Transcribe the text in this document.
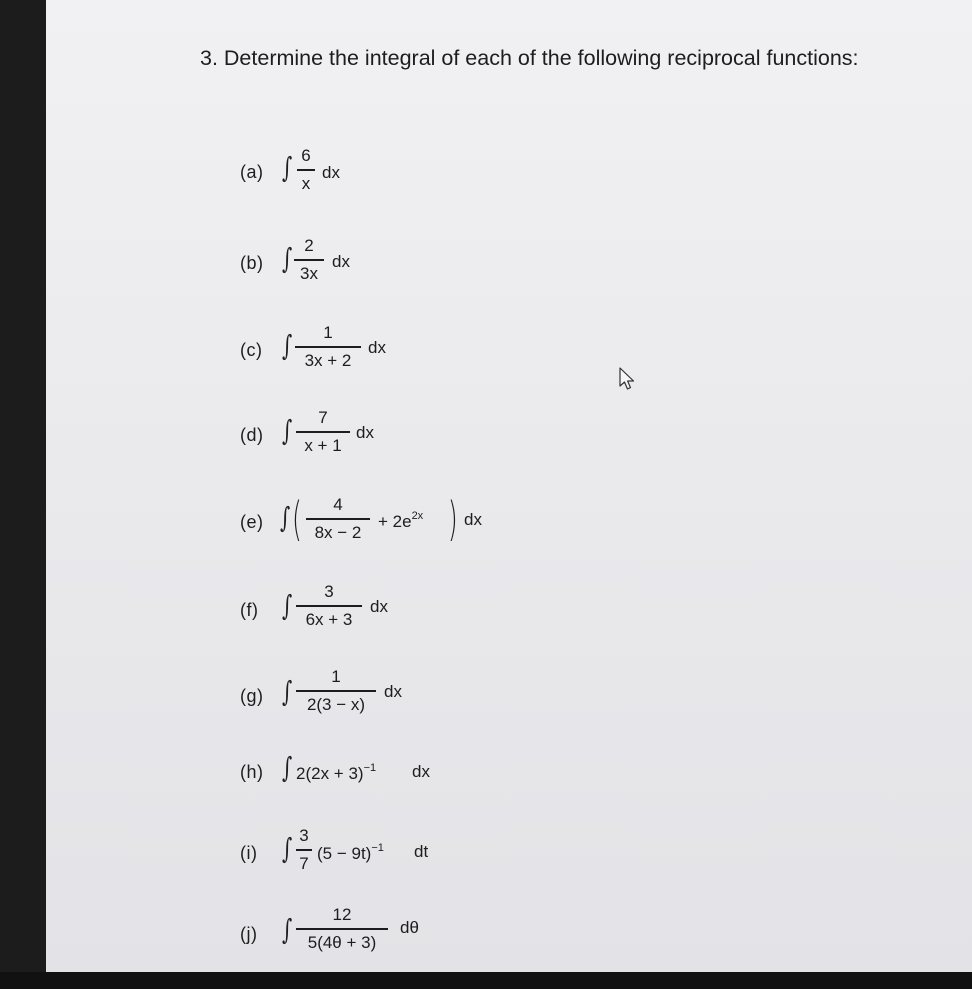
3. Determine the integral of each of the following reciprocal functions:
(a) ∫ 6
x
dx
(b) ∫ 2
3x
dx
(c) ∫	1
3x + 2
dx
(d) ∫	7
x + 1
dx
(e) ∫ (	4
8x − 2
+ $2e^{2x}$ ( dx
(f) ∫	3
6x + 3
dx
(g) ∫	1
2(3 − x)
dx
(h) ∫ $2(2x + 3)^{-1}$ dx
(i) ∫ 3
7
$(5 - 9t)^{-1}$ dt
(j) ∫	12
5(4θ + 3)
dθ
